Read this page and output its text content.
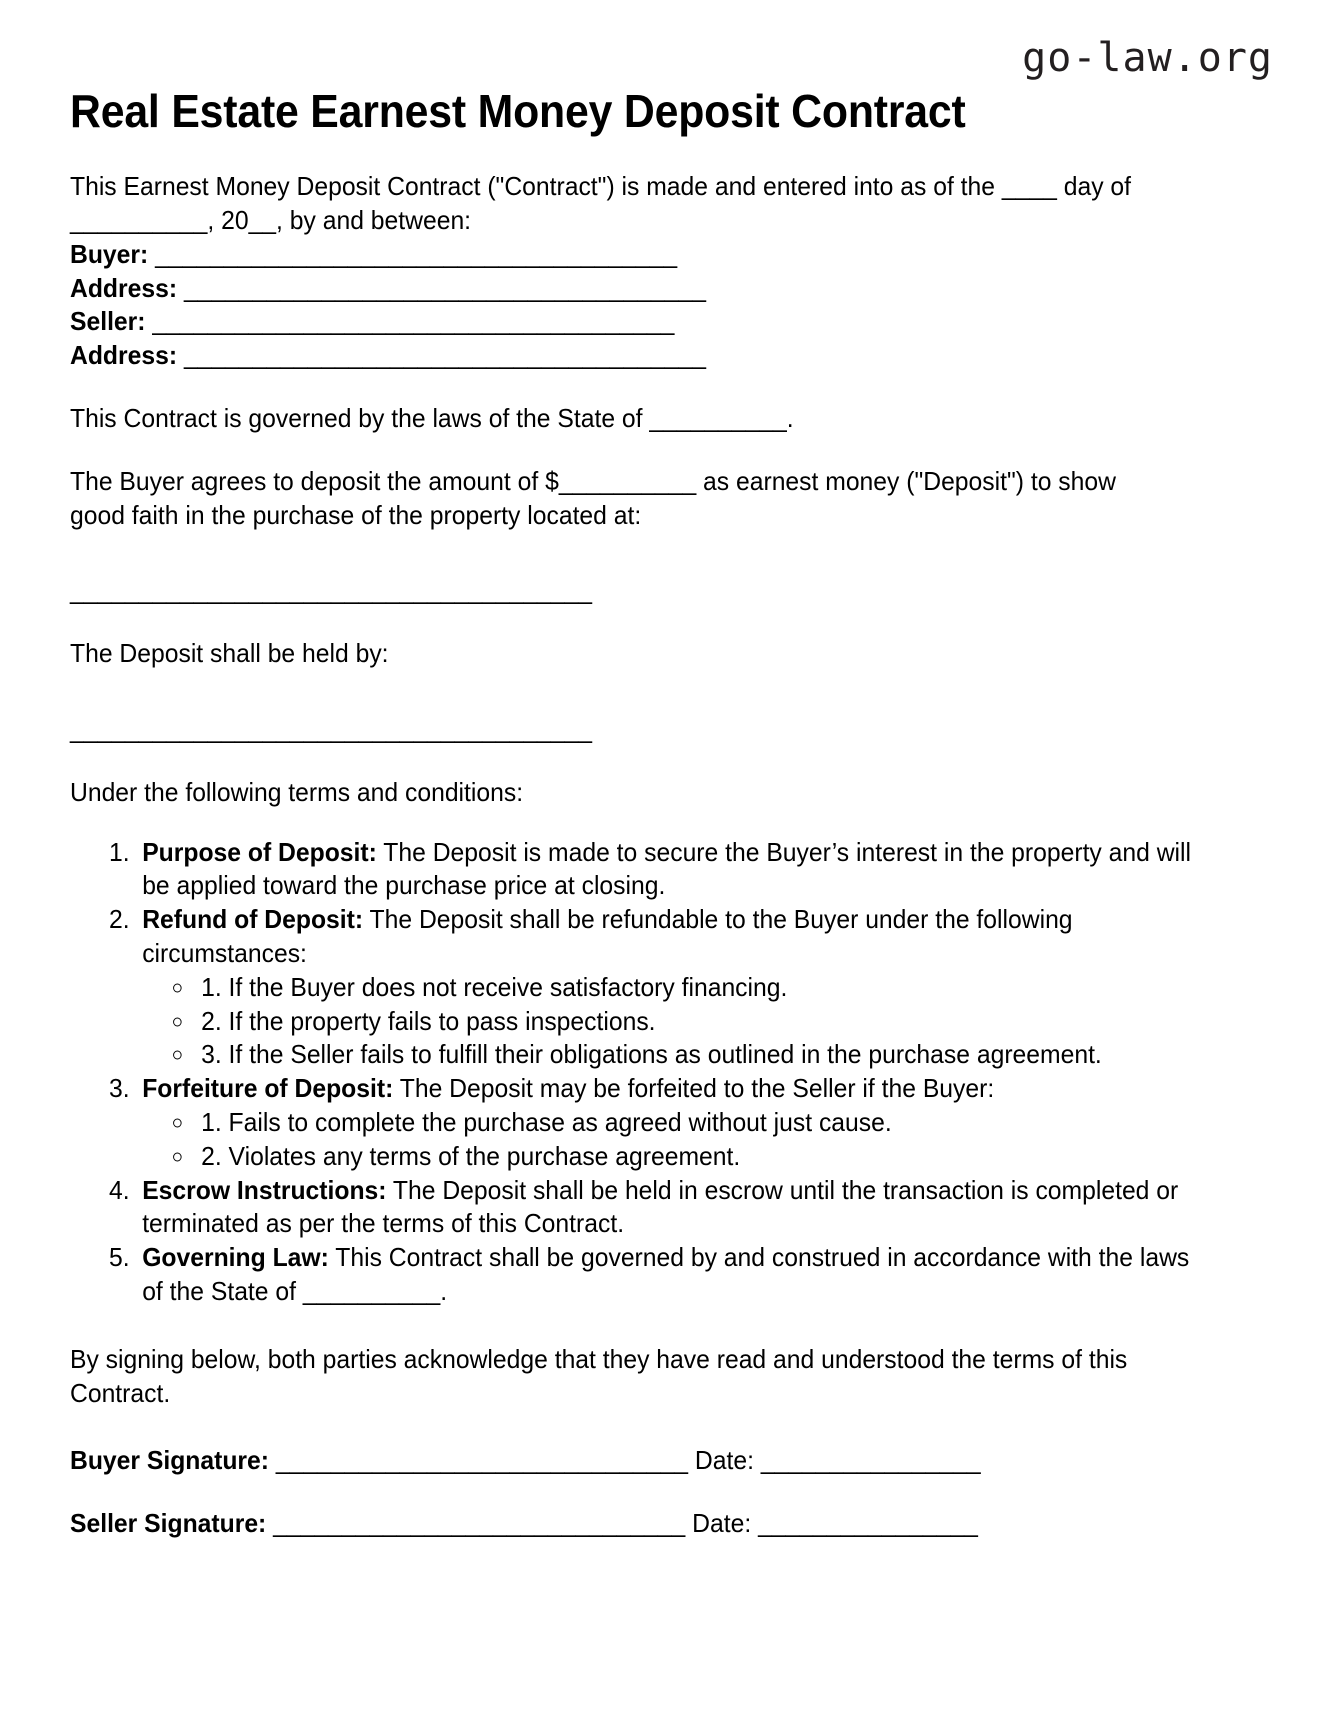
go-law.org
Real Estate Earnest Money Deposit Contract

This Earnest Money Deposit Contract ("Contract") is made and entered into as of the ____ day of __________, 20__, by and between:

Buyer: ______________________________________

Address: ______________________________________

Seller: ______________________________________

Address: ______________________________________

This Contract is governed by the laws of the State of __________.

The Buyer agrees to deposit the amount of $__________ as earnest money ("Deposit") to show good faith in the purchase of the property located at:

______________________________________

The Deposit shall be held by:

______________________________________

Under the following terms and conditions:

1. Purpose of Deposit: The Deposit is made to secure the Buyer’s interest in the property and will be applied toward the purchase price at closing.
2. Refund of Deposit: The Deposit shall be refundable to the Buyer under the following circumstances:
◦ 1. If the Buyer does not receive satisfactory financing.
◦ 2. If the property fails to pass inspections.
◦ 3. If the Seller fails to fulfill their obligations as outlined in the purchase agreement.
3. Forfeiture of Deposit: The Deposit may be forfeited to the Seller if the Buyer:
◦ 1. Fails to complete the purchase as agreed without just cause.
◦ 2. Violates any terms of the purchase agreement.
4. Escrow Instructions: The Deposit shall be held in escrow until the transaction is completed or terminated as per the terms of this Contract.
5. Governing Law: This Contract shall be governed by and construed in accordance with the laws of the State of __________.

By signing below, both parties acknowledge that they have read and understood the terms of this Contract.

Buyer Signature: ______________________________ Date: ________________

Seller Signature: ______________________________ Date: ________________
